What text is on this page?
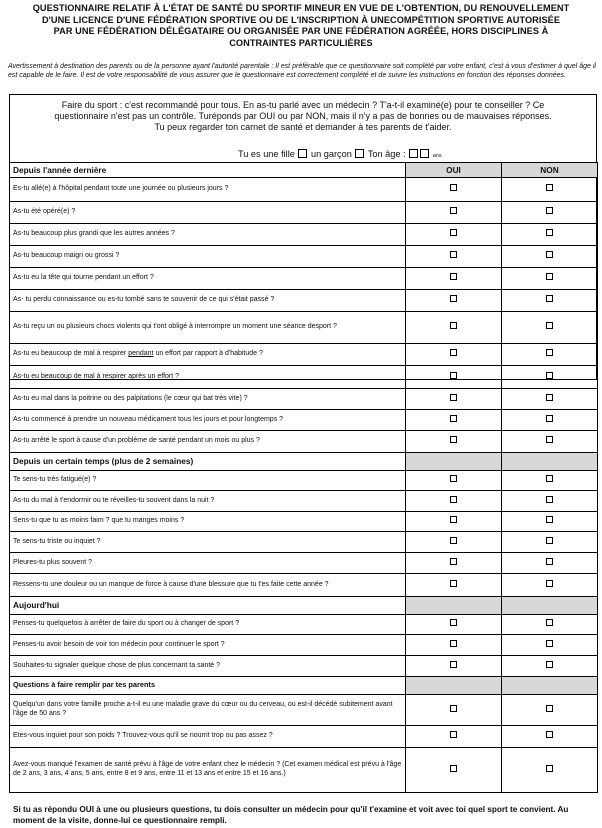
QUESTIONNAIRE RELATIF À L'ÉTAT DE SANTÉ DU SPORTIF MINEUR EN VUE DE L'OBTENTION, DU RENOUVELLEMENT
D'UNE LICENCE D'UNE FÉDÉRATION SPORTIVE OU DE L'INSCRIPTION À UNECOMPÉTITION SPORTIVE AUTORISÉE
PAR UNE FÉDÉRATION DÉLÉGATAIRE OU ORGANISÉE PAR UNE FÉDÉRATION AGRÉÉE, HORS DISCIPLINES À
CONTRAINTES PARTICULIÈRES
Avertissement à destination des parents ou de la personne ayant l'autorité parentale : Il est préférable que ce questionnaire soit complété par votre enfant, c'est à vous d'estimer à quel âge il est capable de le faire. Il est de votre responsabilité de vous assurer que le questionnaire est correctement complété et de suivre les instructions en fonction des réponses données.
Faire du sport : c'est recommandé pour tous. En as-tu parlé avec un médecin ? T'a-t-il examiné(e) pour te conseiller ? Ce
questionnaire n'est pas un contrôle. Turéponds par OUI ou par NON, mais il n'y a pas de bonnes ou de mauvaises réponses.
Tu peux regarder ton carnet de santé et demander à tes parents de t'aider.
Tu es une fille un garçon Ton âge :	ans
Depuis l'année dernière	OUI	NON
Es-tu allé(e) à l'hôpital pendant toute une journée ou plusieurs jours ?		
As-tu été opéré(e) ?		
As-tu beaucoup plus grandi que les autres années ?		
As-tu beaucoup maigri ou grossi ?		
As-tu eu la tête qui tourne pendant un effort ?		
As- tu perdu connaissance ou es-tu tombé sans te souvenir de ce qui s'était passé ?		
As-tu reçu un ou plusieurs chocs violents qui t'ont obligé à interrompre un moment une séance desport ?		
As-tu eu beaucoup de mal à respirer pendant un effort par rapport à d'habitude ?		
As-tu eu beaucoup de mal à respirer après un effort ?		
As-tu eu mal dans la poitrine ou des palpitations (le cœur qui bat très vite) ?		
As-tu commencé à prendre un nouveau médicament tous les jours et pour longtemps ?		
As-tu arrêté le sport à cause d'un problème de santé pendant un mois ou plus ?		
Depuis un certain temps (plus de 2 semaines)		
Te sens-tu très fatigué(e) ?		
As-tu du mal à t'endormir ou te réveilles-tu souvent dans la nuit ?		
Sens-tu que tu as moins faim ? que tu manges moins ?		
Te sens-tu triste ou inquiet ?		
Pleures-tu plus souvent ?		
Ressens-tu une douleur ou un manque de force à cause d'une blessure que tu t'es faite cette année ?		
Aujourd'hui		
Penses-tu quelquefois à arrêter de faire du sport ou à changer de sport ?		
Penses-tu avoir besoin de voir ton médecin pour continuer le sport ?		
Souhaites-tu signaler quelque chose de plus concernant ta santé ?		
Questions à faire remplir par tes parents		
Quelqu'un dans votre famille proche a-t-il eu une maladie grave du cœur ou du cerveau, ou est-il décédé subitement avant l'âge de 50 ans ?		
Etes-vous inquiet pour son poids ? Trouvez-vous qu'il se nourrit trop ou pas assez ?		
Avez-vous manqué l'examen de santé prévu à l'âge de votre enfant chez le médecin ? (Cet examen médical est prévu à l'âge de 2 ans, 3 ans, 4 ans, 5 ans, entre 8 et 9 ans, entre 11 et 13 ans et entre 15 et 16 ans.)		
Si tu as répondu OUI à une ou plusieurs questions, tu dois consulter un médecin pour qu'il t'examine et voit avec toi quel sport te convient. Au moment de la visite, donne-lui ce questionnaire rempli.
